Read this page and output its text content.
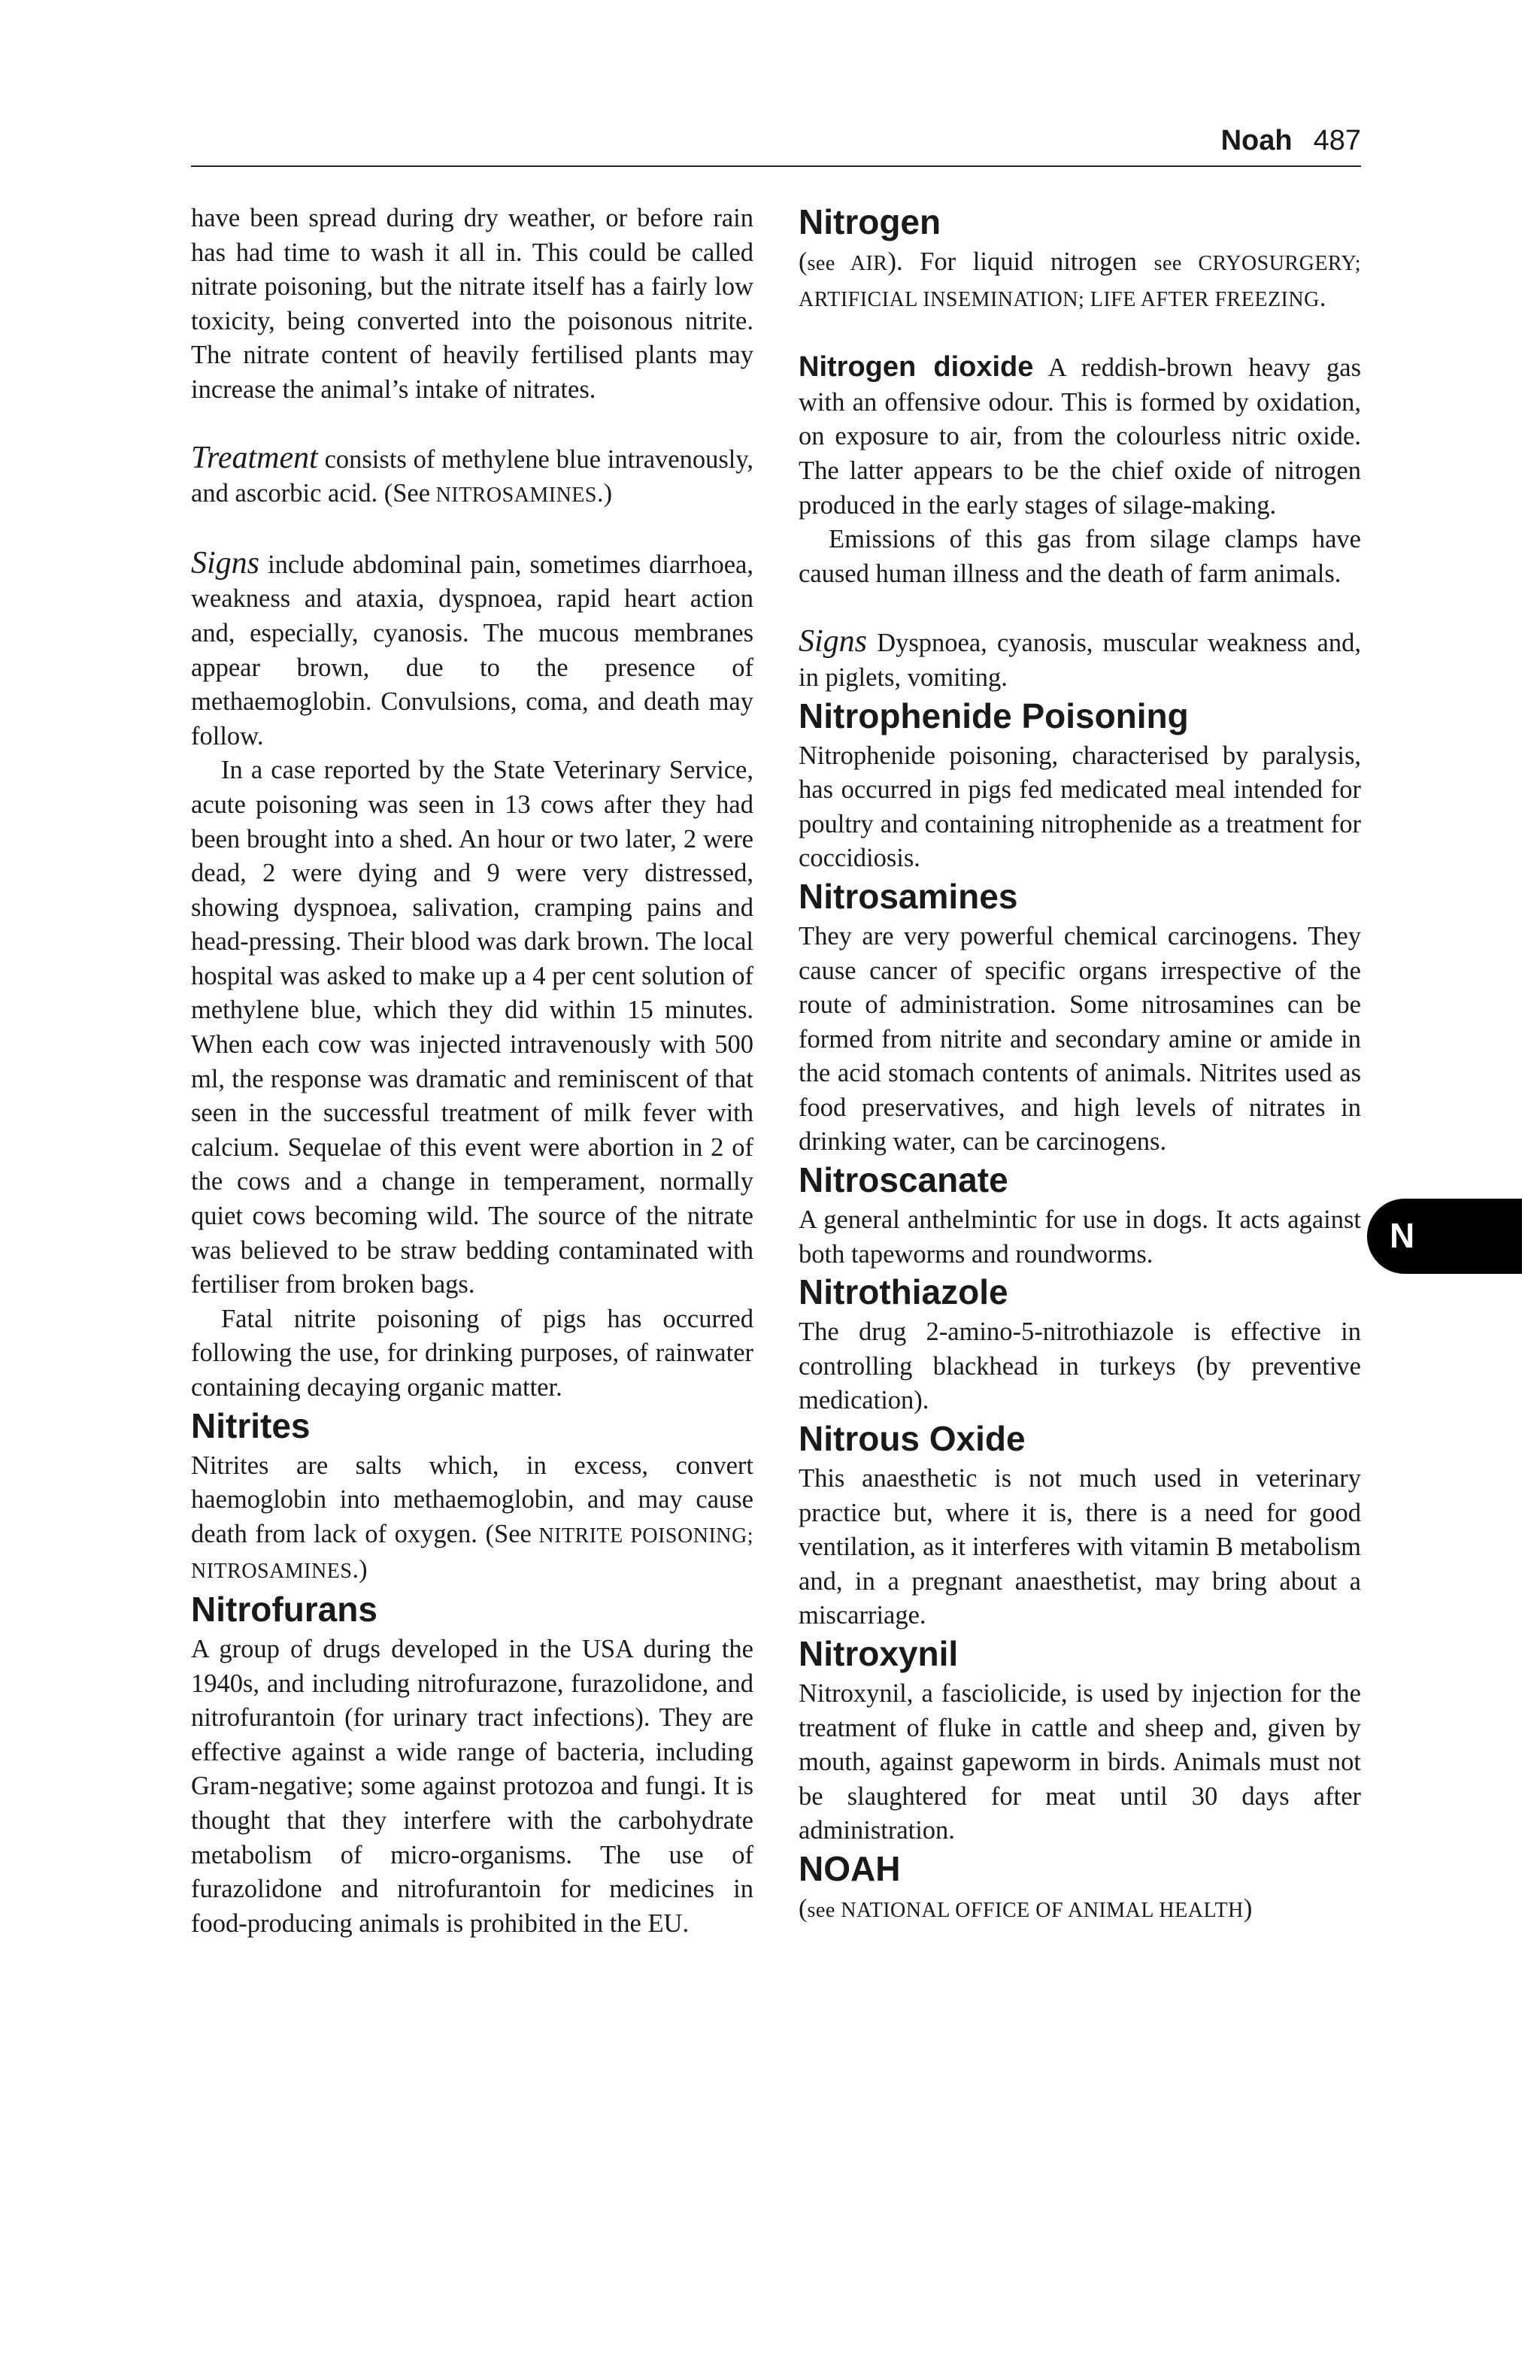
Noah 487

have been spread during dry weather, or before rain has had time to wash it all in. This could be called nitrate poisoning, but the nitrate itself has a fairly low toxicity, being converted into the poisonous nitrite. The nitrate content of heavily fertilised plants may increase the animal’s intake of nitrates.

Treatment consists of methylene blue intravenously, and ascorbic acid. (See NITROSAMINES.)

Signs include abdominal pain, sometimes diarrhoea, weakness and ataxia, dyspnoea, rapid heart action and, especially, cyanosis. The mucous membranes appear brown, due to the presence of methaemoglobin. Convulsions, coma, and death may follow.

In a case reported by the State Veterinary Service, acute poisoning was seen in 13 cows after they had been brought into a shed. An hour or two later, 2 were dead, 2 were dying and 9 were very distressed, showing dyspnoea, salivation, cramping pains and head-pressing. Their blood was dark brown. The local hospital was asked to make up a 4 per cent solution of methylene blue, which they did within 15 minutes. When each cow was injected intravenously with 500 ml, the response was dramatic and reminiscent of that seen in the successful treatment of milk fever with calcium. Sequelae of this event were abortion in 2 of the cows and a change in temperament, normally quiet cows becoming wild. The source of the nitrate was believed to be straw bedding contaminated with fertiliser from broken bags.

Fatal nitrite poisoning of pigs has occurred following the use, for drinking purposes, of rainwater containing decaying organic matter.

Nitrites

Nitrites are salts which, in excess, convert haemoglobin into methaemoglobin, and may cause death from lack of oxygen. (See NITRITE POISONING; NITROSAMINES.)

Nitrofurans

A group of drugs developed in the USA during the 1940s, and including nitrofurazone, furazolidone, and nitrofurantoin (for urinary tract infections). They are effective against a wide range of bacteria, including Gram-negative; some against protozoa and fungi. It is thought that they interfere with the carbohydrate metabolism of micro-organisms. The use of furazolidone and nitrofurantoin for medicines in food-producing animals is prohibited in the EU.

Nitrogen

(see AIR). For liquid nitrogen see CRYOSURGERY; ARTIFICIAL INSEMINATION; LIFE AFTER FREEZING.

Nitrogen dioxide A reddish-brown heavy gas with an offensive odour. This is formed by oxidation, on exposure to air, from the colourless nitric oxide. The latter appears to be the chief oxide of nitrogen produced in the early stages of silage-making.

Emissions of this gas from silage clamps have caused human illness and the death of farm animals.

Signs Dyspnoea, cyanosis, muscular weakness and, in piglets, vomiting.

Nitrophenide Poisoning

Nitrophenide poisoning, characterised by paralysis, has occurred in pigs fed medicated meal intended for poultry and containing nitrophenide as a treatment for coccidiosis.

Nitrosamines

They are very powerful chemical carcinogens. They cause cancer of specific organs irrespective of the route of administration. Some nitrosamines can be formed from nitrite and secondary amine or amide in the acid stomach contents of animals. Nitrites used as food preservatives, and high levels of nitrates in drinking water, can be carcinogens.

Nitroscanate

A general anthelmintic for use in dogs. It acts against both tapeworms and roundworms.

Nitrothiazole

The drug 2-amino-5-nitrothiazole is effective in controlling blackhead in turkeys (by preventive medication).

Nitrous Oxide

This anaesthetic is not much used in veterinary practice but, where it is, there is a need for good ventilation, as it interferes with vitamin B metabolism and, in a pregnant anaesthetist, may bring about a miscarriage.

Nitroxynil

Nitroxynil, a fasciolicide, is used by injection for the treatment of fluke in cattle and sheep and, given by mouth, against gapeworm in birds. Animals must not be slaughtered for meat until 30 days after administration.

NOAH

(see NATIONAL OFFICE OF ANIMAL HEALTH)

N
